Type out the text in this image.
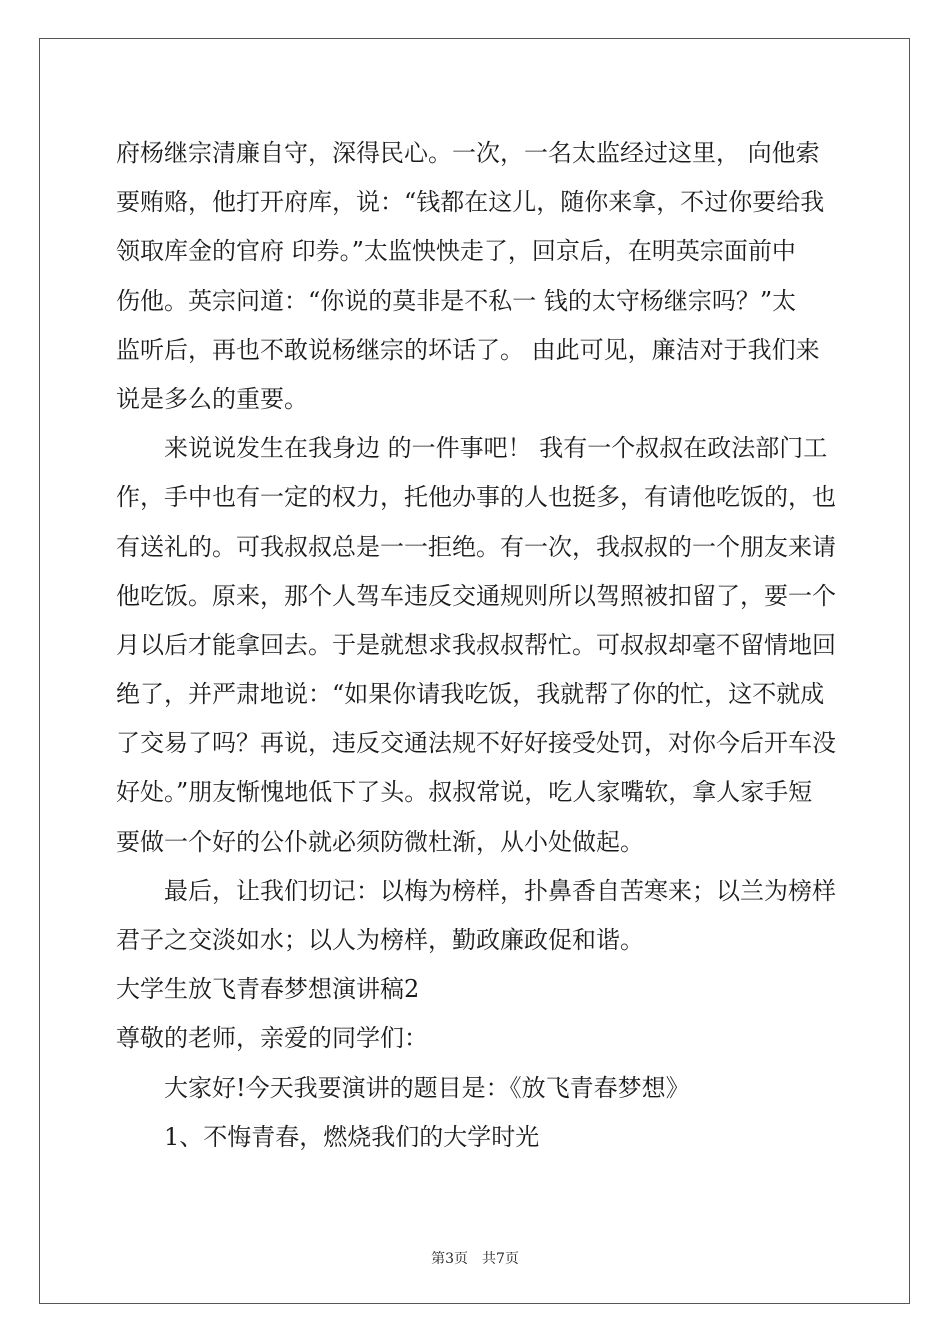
府杨继宗清廉自守，深得民心。一次，一名太监经过这里， 向他索
要贿赂，他打开府库，说：“钱都在这儿，随你来拿，不过你要给我
领取库金的官府 印券。”太监怏怏走了，回京后，在明英宗面前中
伤他。英宗问道：“你说的莫非是不私一 钱的太守杨继宗吗？”太
监听后，再也不敢说杨继宗的坏话了。 由此可见，廉洁对于我们来
说是多么的重要。
来说说发生在我身边 的一件事吧！ 我有一个叔叔在政法部门工
作，手中也有一定的权力，托他办事的人也挺多，有请他吃饭的，也
有送礼的。可我叔叔总是一一拒绝。有一次，我叔叔的一个朋友来请
他吃饭。原来，那个人驾车违反交通规则所以驾照被扣留了，要一个
月以后才能拿回去。于是就想求我叔叔帮忙。可叔叔却毫不留情地回
绝了，并严肃地说：“如果你请我吃饭，我就帮了你的忙，这不就成
了交易了吗？再说，违反交通法规不好好接受处罚，对你今后开车没
好处。”朋友惭愧地低下了头。叔叔常说，吃人家嘴软，拿人家手短
要做一个好的公仆就必须防微杜渐，从小处做起。
最后，让我们切记：以梅为榜样，扑鼻香自苦寒来；以兰为榜样
君子之交淡如水；以人为榜样，勤政廉政促和谐。
大学生放飞青春梦想演讲稿2
尊敬的老师，亲爱的同学们：
大家好!今天我要演讲的题目是：《放飞青春梦想》
1、不悔青春，燃烧我们的大学时光
第3页 共7页
